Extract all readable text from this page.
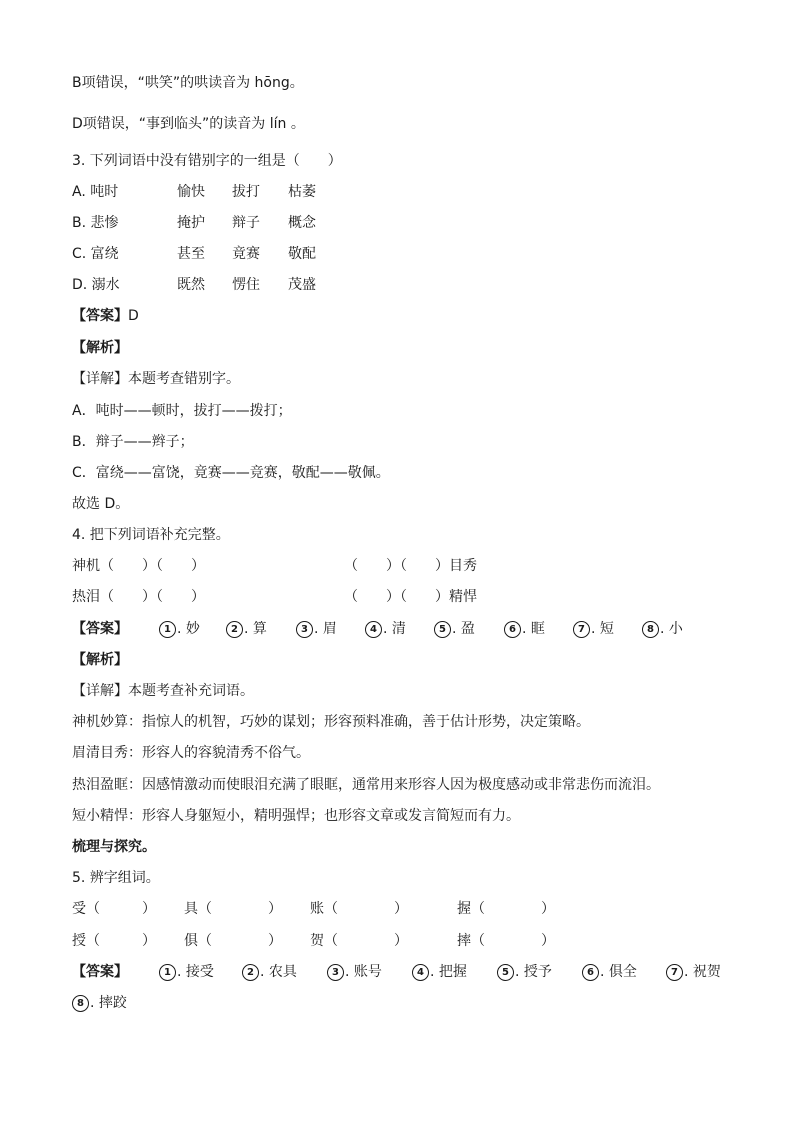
B项错误，“哄笑”的哄读音为 hōng。
D项错误，“事到临头”的读音为 lín 。
3. 下列词语中没有错别字的一组是（　　）
A. 吨时	愉快 拔打 枯萎
B. 悲惨	掩护 辩子 概念
C. 富绕	甚至 竟赛 敬配
D. 溺水	既然 愣住 茂盛
【答案】D
【解析】
【详解】本题考查错别字。
A．吨时——顿时，拔打——拨打；
B．辩子——辫子；
C．富绕——富饶，竟赛——竞赛，敬配——敬佩。
故选 D。
4. 把下列词语补充完整。
神机（　　）（　　）	（　　）（　　）目秀
热泪（　　）（　　）	（　　）（　　）精悍
【答案】	1 . 妙	2 . 算	3 . 眉	4 . 清	5 . 盈	6 . 眶	7 . 短	8 . 小
【解析】
【详解】本题考查补充词语。
神机妙算：指惊人的机智，巧妙的谋划；形容预料准确，善于估计形势，决定策略。
眉清目秀：形容人的容貌清秀不俗气。
热泪盈眶：因感情激动而使眼泪充满了眼眶，通常用来形容人因为极度感动或非常悲伤而流泪。
短小精悍：形容人身躯短小，精明强悍；也形容文章或发言简短而有力。
梳理与探究。
5. 辨字组词。
受（　　　） 具（　　　　） 账（　　　　）	握（　　　　）
授（　　　） 俱（　　　　） 贺（　　　　）	摔（　　　　）
【答案】	1 . 接受	2 . 农具	3 . 账号	4 . 把握	5 . 授予	6 . 俱全	7 . 祝贺
8 . 摔跤
